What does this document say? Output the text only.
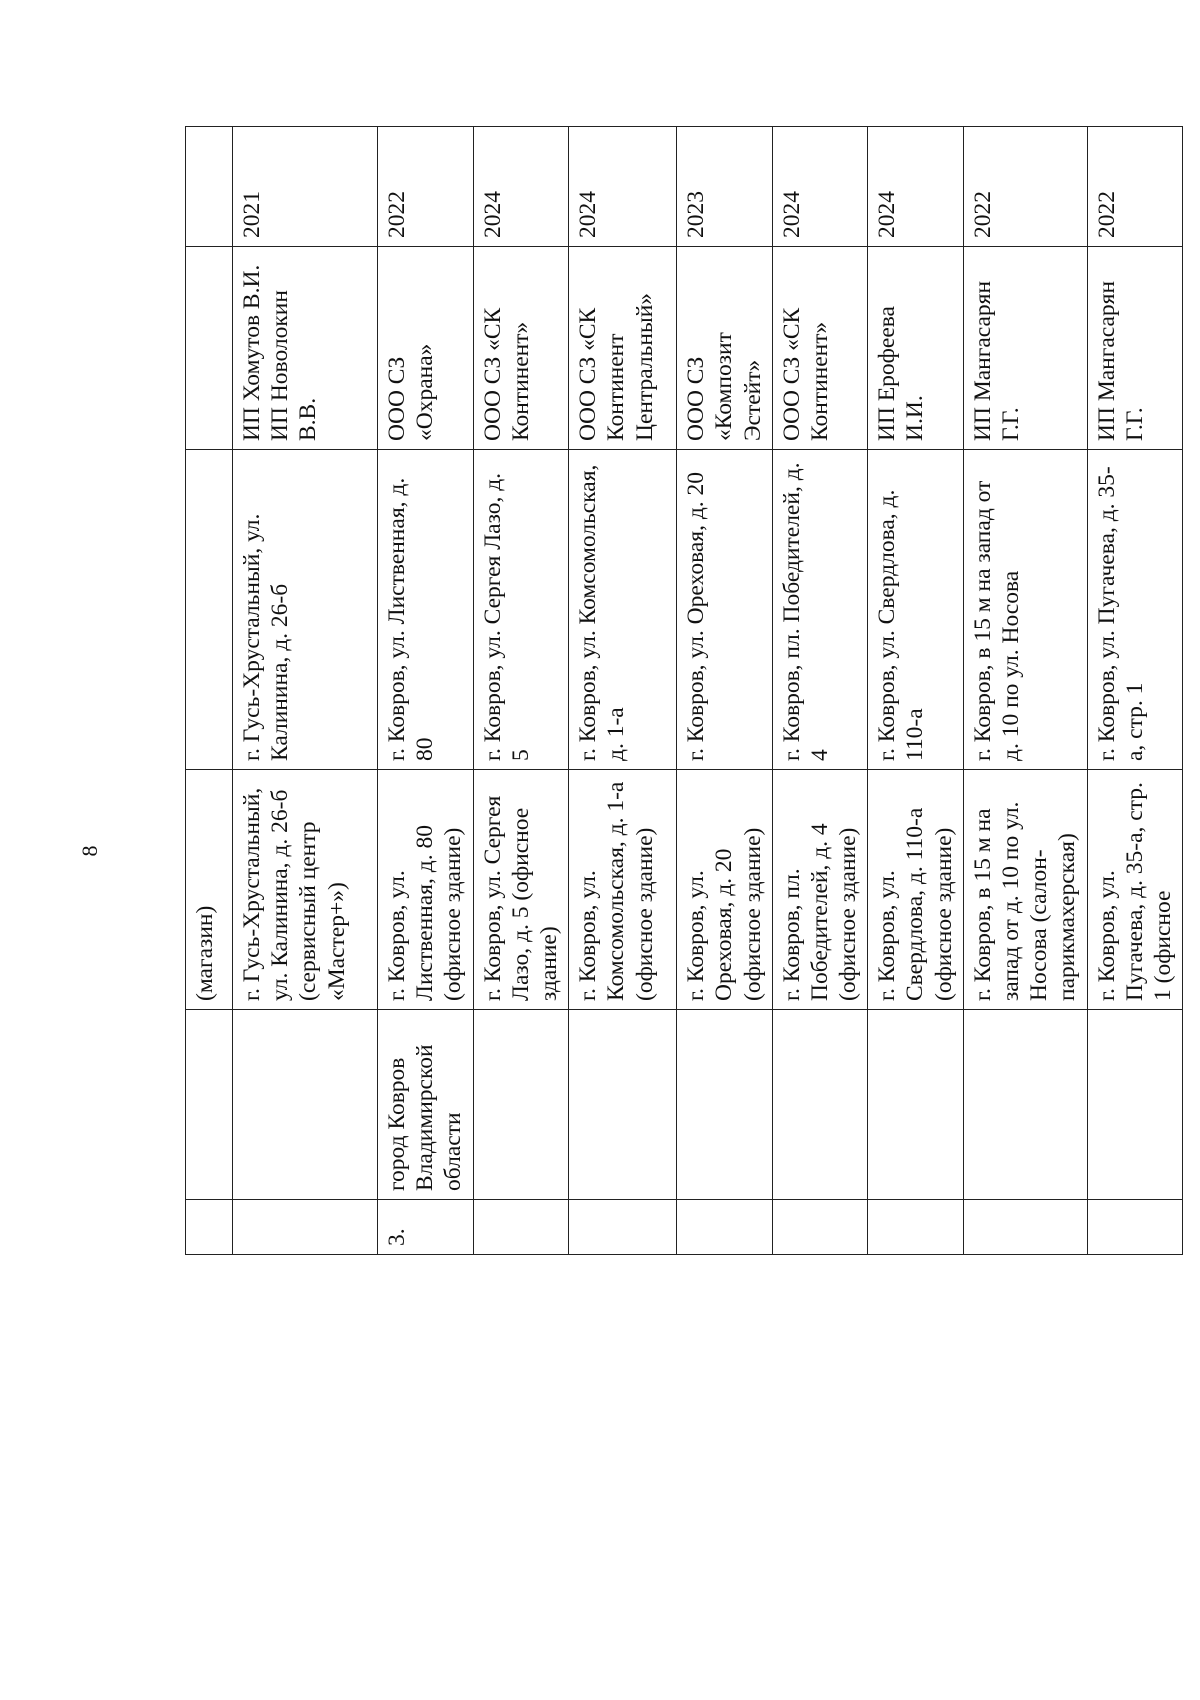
8
		(магазин)			
		г. Гусь-Хрустальный, ул. Калинина, д. 26-б (сервисный центр «Мастер+»)	г. Гусь-Хрустальный, ул. Калинина, д. 26-б	ИП Хомутов В.И. ИП Новолокин В.В.	2021
3.	город Ковров Владимирской области	г. Ковров, ул. Лиственная, д. 80 (офисное здание)	г. Ковров, ул. Лиственная, д. 80	ООО СЗ «Охрана»	2022
		г. Ковров, ул. Сергея Лазо, д. 5 (офисное здание)	г. Ковров, ул. Сергея Лазо, д. 5	ООО СЗ «СК Континент»	2024
		г. Ковров, ул. Комсомольская, д. 1-а (офисное здание)	г. Ковров, ул. Комсомольская, д. 1-а	ООО СЗ «СК Континент Центральный»	2024
		г. Ковров, ул. Ореховая, д. 20 (офисное здание)	г. Ковров, ул. Ореховая, д. 20	ООО СЗ «Композит Эстейт»	2023
		г. Ковров, пл. Победителей, д. 4 (офисное здание)	г. Ковров, пл. Победителей, д. 4	ООО СЗ «СК Континент»	2024
		г. Ковров, ул. Свердлова, д. 110-а (офисное здание)	г. Ковров, ул. Свердлова, д. 110-а	ИП Ерофеева И.И.	2024
		г. Ковров, в 15 м на запад от д. 10 по ул. Носова (салон-парикмахерская)	г. Ковров, в 15 м на запад от д. 10 по ул. Носова	ИП Мангасарян Г.Г.	2022
		г. Ковров, ул. Пугачева, д. 35-а, стр. 1 (офисное	г. Ковров, ул. Пугачева, д. 35-а, стр. 1	ИП Мангасарян Г.Г.	2022
